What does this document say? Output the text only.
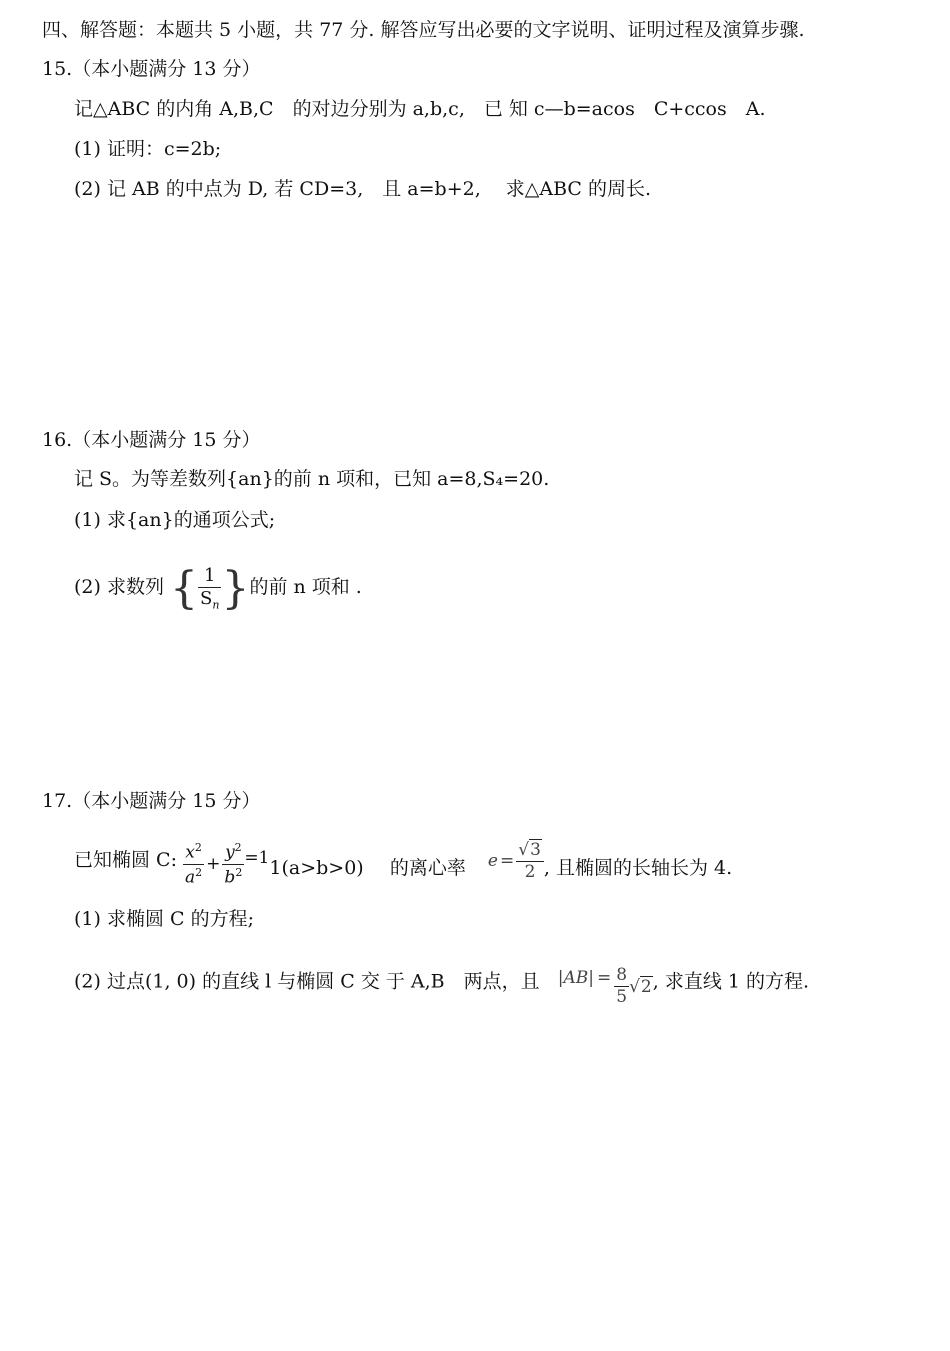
四、解答题：本题共 5 小题，共 77 分. 解答应写出必要的文字说明、证明过程及演算步骤.
15.（本小题满分 13 分）
记△ABC 的内角 A,B,C　的对边分别为 a,b,c,　已 知 c—b=acos　C+ccos　A.
(1) 证明：c=2b;
(2) 记 AB 的中点为 D, 若 CD=3,　且 a=b+2,　 求△ABC 的周长.
16.（本小题满分 15 分）
记 S。为等差数列{an}的前 n 项和，已知 a=8,S₄=20.
(1) 求{an}的通项公式;
(2) 求数列 { $\frac{1}{S_n}$ }的前 n 项和 .
17.（本小题满分 15 分）
已知椭圆 C: $\frac{x^2}{a^2} + \frac{y^2}{b^2} =11(a>b>0)$ 的离心率 $e = \frac{√3}{2}$ , 且椭圆的长轴长为 4.
(1) 求椭圆 C 的方程;
(2) 过点(1, 0) 的直线 l 与椭圆 C 交 于 A,B　两点，且 $|AB| = \frac{8}{5} √2$, 求直线 1 的方程.
